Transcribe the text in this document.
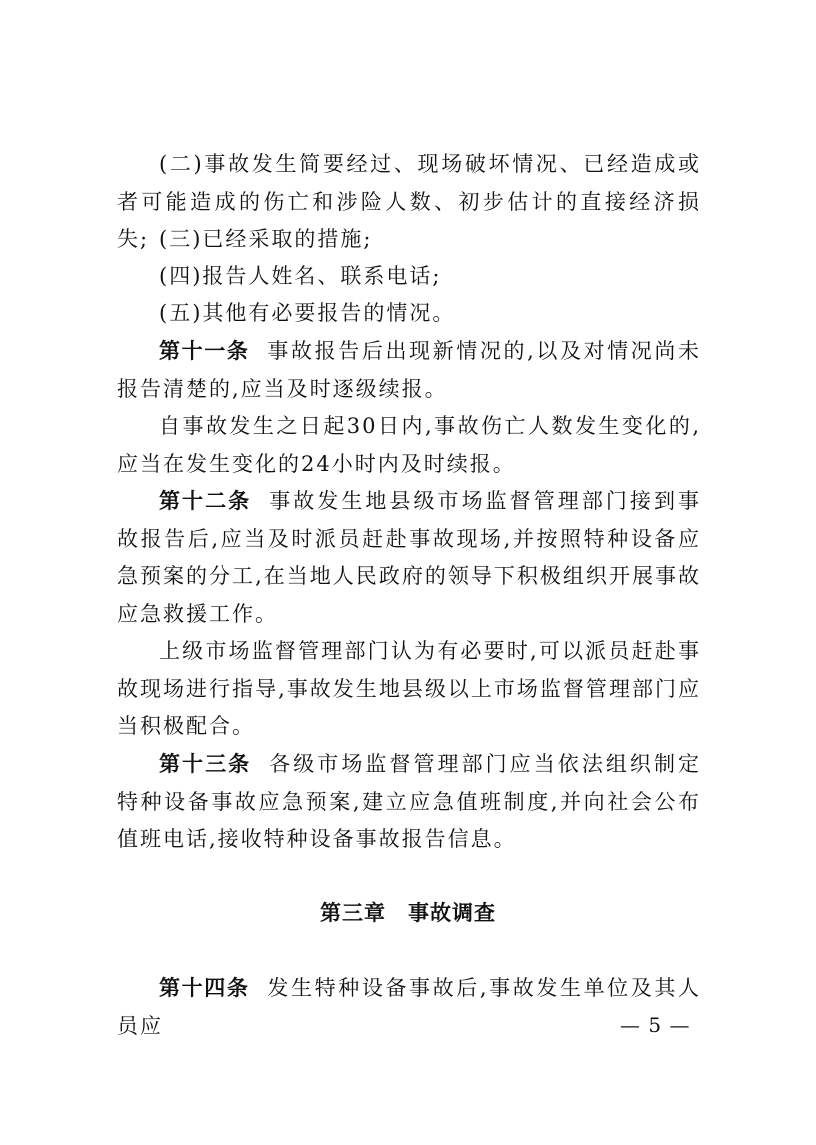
(二)事故发生简要经过、现场破坏情况、已经造成或者可能造成的伤亡和涉险人数、初步估计的直接经济损失; (三)已经采取的措施;

(四)报告人姓名、联系电话;

(五)其他有必要报告的情况。

第十一条 事故报告后出现新情况的,以及对情况尚未报告清楚的,应当及时逐级续报。

自事故发生之日起30日内,事故伤亡人数发生变化的,应当在发生变化的24小时内及时续报。

第十二条 事故发生地县级市场监督管理部门接到事故报告后,应当及时派员赶赴事故现场,并按照特种设备应急预案的分工,在当地人民政府的领导下积极组织开展事故应急救援工作。

上级市场监督管理部门认为有必要时,可以派员赶赴事故现场进行指导,事故发生地县级以上市场监督管理部门应当积极配合。

第十三条 各级市场监督管理部门应当依法组织制定特种设备事故应急预案,建立应急值班制度,并向社会公布值班电话,接收特种设备事故报告信息。

第三章 事故调查

第十四条 发生特种设备事故后,事故发生单位及其人员应	— 5 —
